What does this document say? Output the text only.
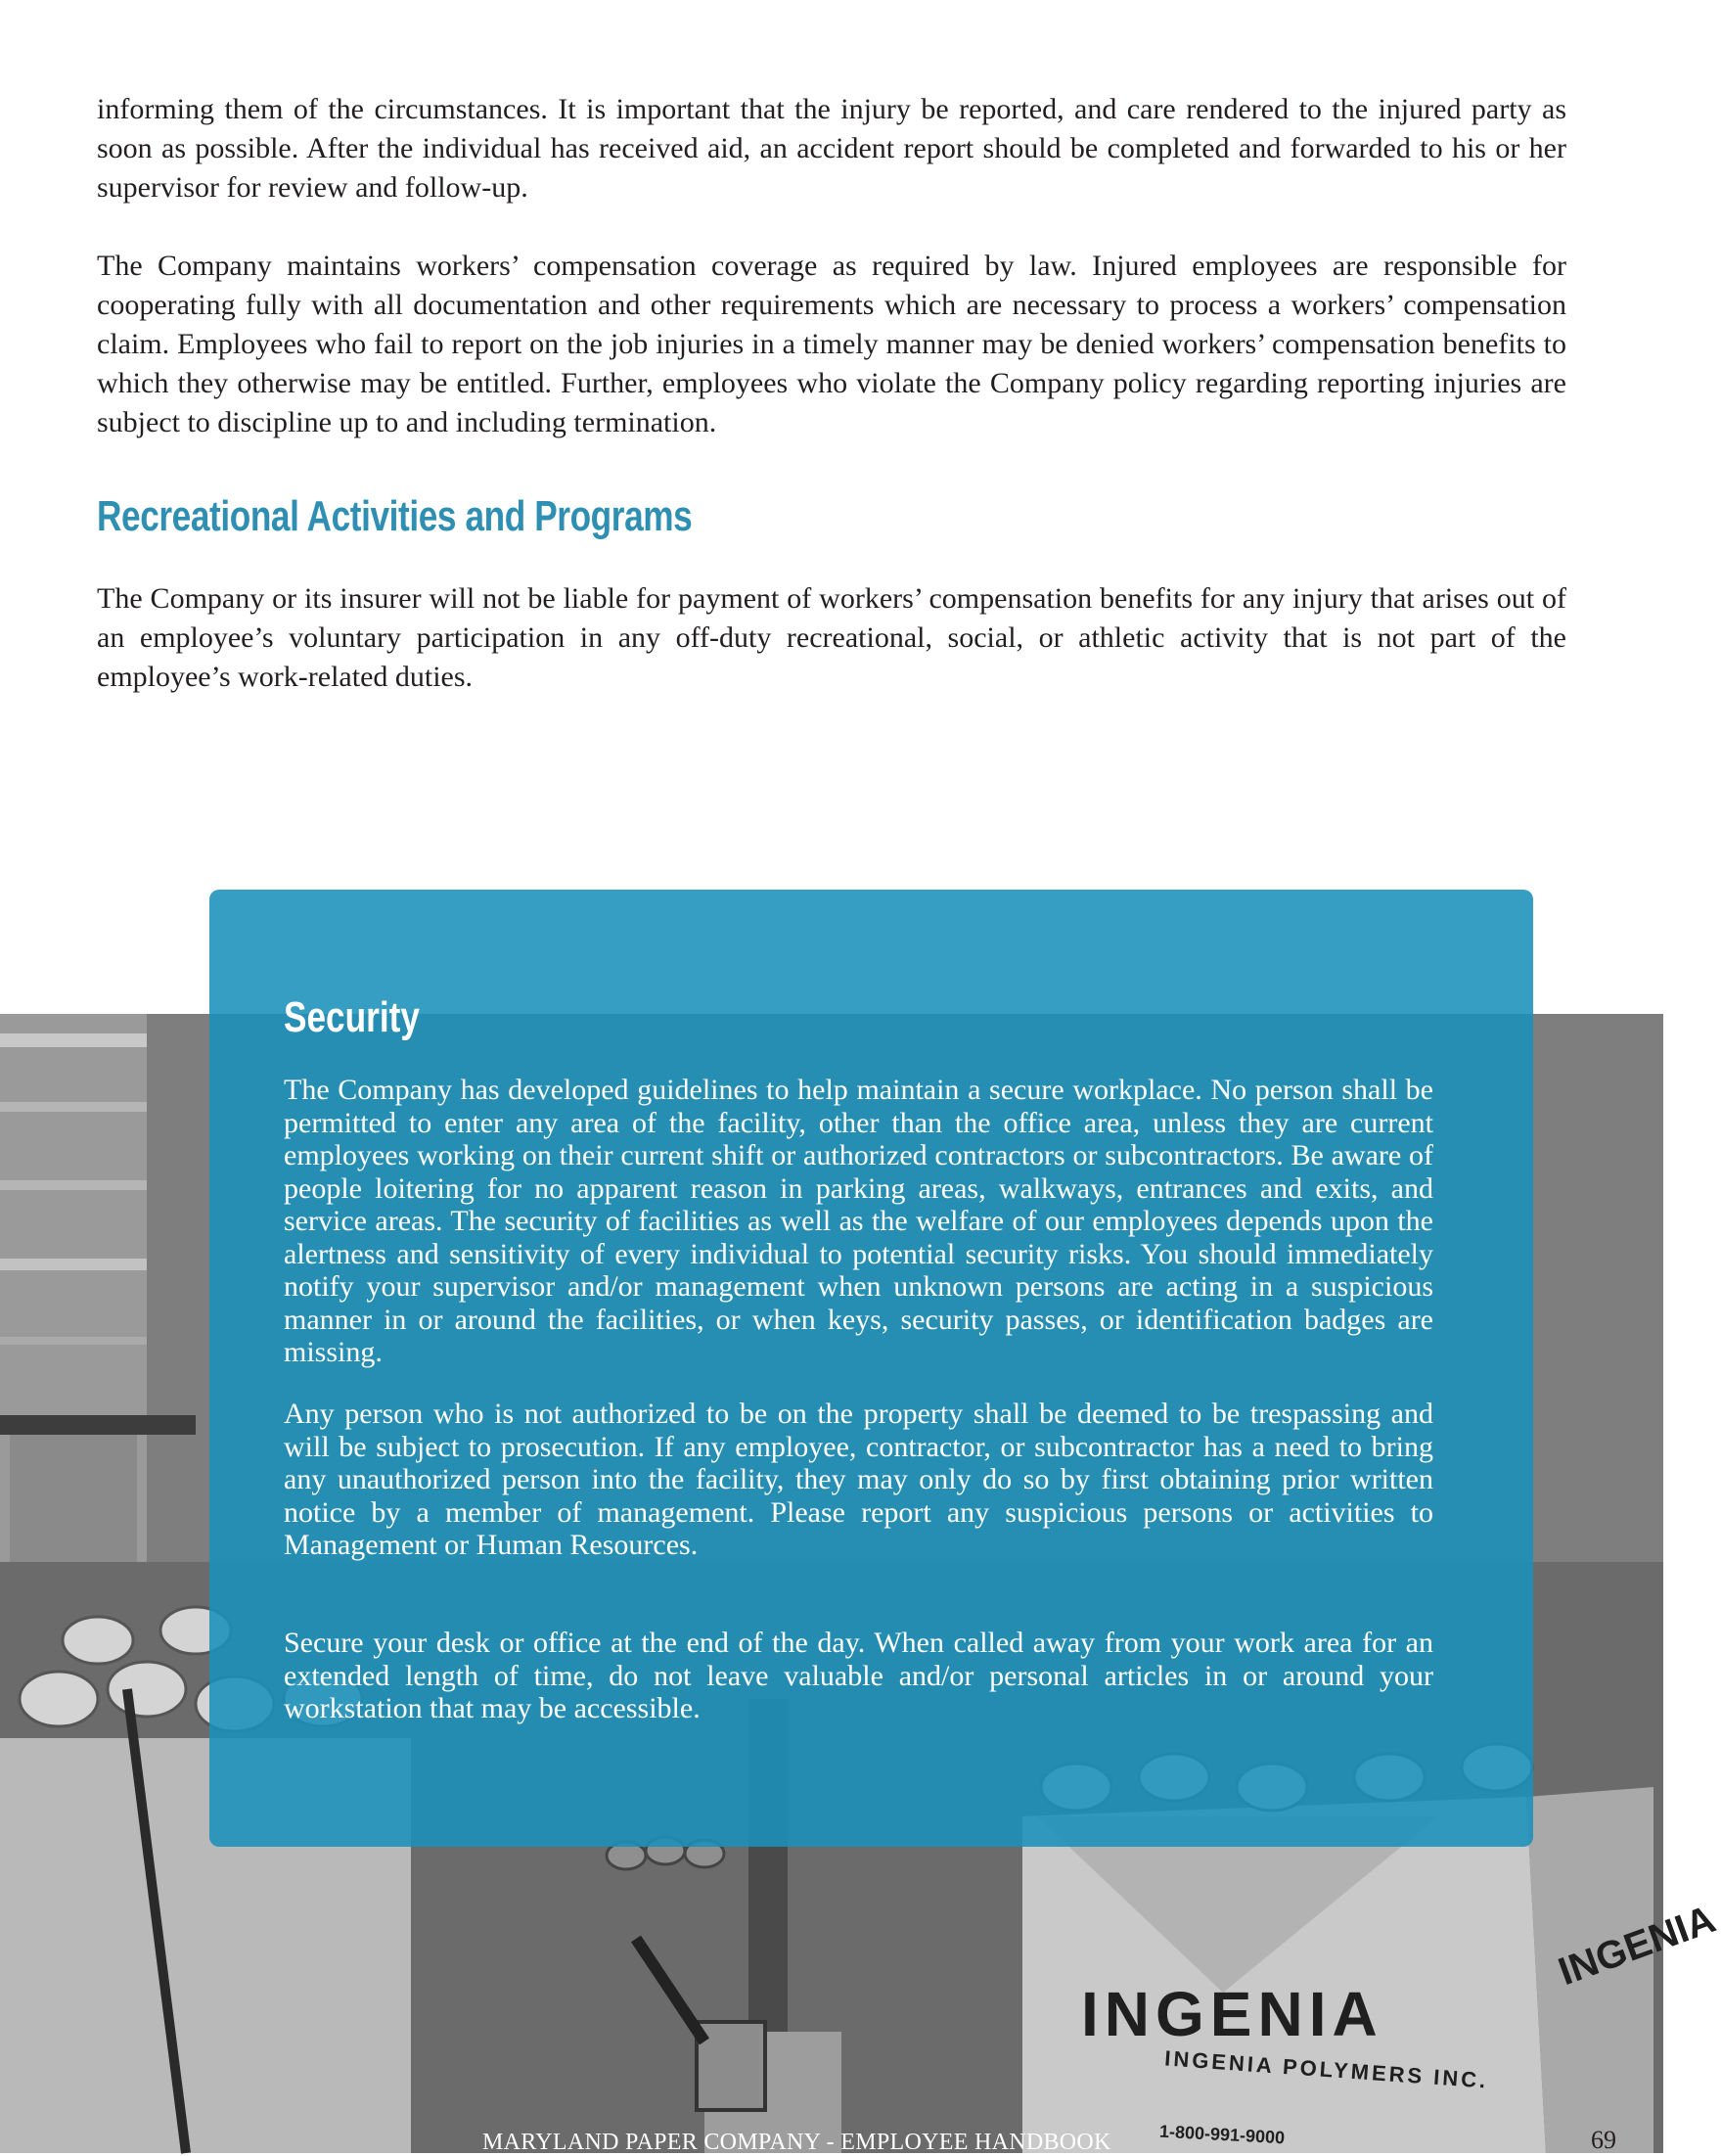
informing them of the circumstances. It is important that the injury be reported, and care rendered to the injured party as soon as possible. After the individual has received aid, an accident report should be completed and forwarded to his or her supervisor for review and follow-up.

The Company maintains workers’ compensation coverage as required by law. Injured employees are responsible for cooperating fully with all documentation and other requirements which are necessary to process a workers’ compensation claim. Employees who fail to report on the job injuries in a timely manner may be denied workers’ compensation benefits to which they otherwise may be entitled. Further, employees who violate the Company policy regarding reporting injuries are subject to discipline up to and including termination.

Recreational Activities and Programs

The Company or its insurer will not be liable for payment of workers’ compensation benefits for any injury that arises out of an employee’s voluntary participation in any off-duty recreational, social, or athletic activity that is not part of the employee’s work-related duties.

INGENIA
INGENIA POLYMERS INC.
1-800-991-9000
INGENIA
Security

The Company has developed guidelines to help maintain a secure workplace. No person shall be permitted to enter any area of the facility, other than the office area, unless they are current employees working on their current shift or authorized contractors or subcontractors. Be aware of people loitering for no apparent reason in parking areas, walkways, entrances and exits, and service areas. The security of facilities as well as the welfare of our employees depends upon the alertness and sensitivity of every individual to potential security risks. You should immediately notify your supervisor and/or management when unknown persons are acting in a suspicious manner in or around the facilities, or when keys, security passes, or identification badges are missing.

Any person who is not authorized to be on the property shall be deemed to be trespassing and will be subject to prosecution. If any employee, contractor, or subcontractor has a need to bring any unauthorized person into the facility, they may only do so by first obtaining prior written notice by a member of management. Please report any suspicious persons or activities to Management or Human Resources.

Secure your desk or office at the end of the day. When called away from your work area for an extended length of time, do not leave valuable and/or personal articles in or around your workstation that may be accessible.

MARYLAND PAPER COMPANY - EMPLOYEE HANDBOOK	69
